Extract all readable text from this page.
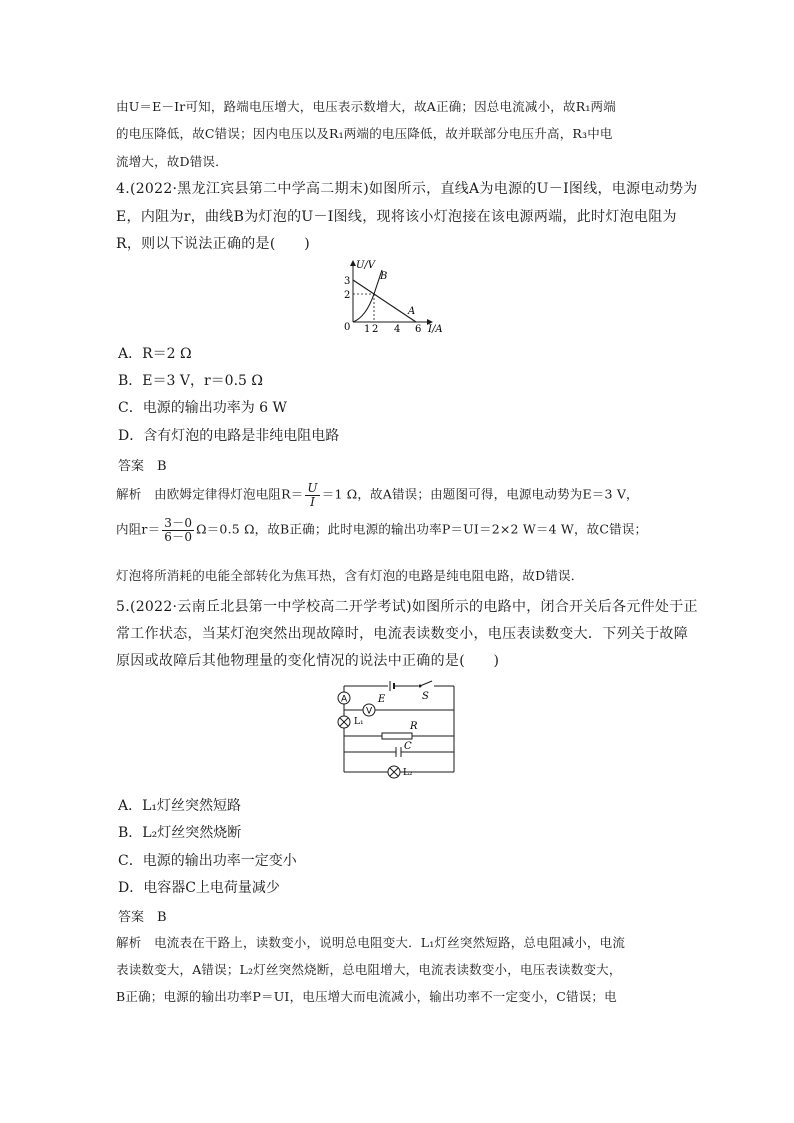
由U＝E－Ir可知，路端电压增大，电压表示数增大，故A正确；因总电流减小，故R₁两端
的电压降低，故C错误；因内电压以及R₁两端的电压降低，故并联部分电压升高，R₃中电
流增大，故D错误．
4.(2022·黑龙江宾县第二中学高二期末)如图所示，直线A为电源的U－I图线，电源电动势为
E，内阻为r，曲线B为灯泡的U－I图线，现将该小灯泡接在该电源两端，此时灯泡电阻为
R，则以下说法正确的是(　　)
U/V
I/A
0
3
2
1 2 4 6
A
B
A．R＝2 Ω
B．E＝3 V，r＝0.5 Ω
C．电源的输出功率为 6 W
D．含有灯泡的电路是非纯电阻电路
答案　 B
解析　 由欧姆定律得灯泡电阻$R= \frac{U}{I} =1$ Ω，故A错误；由题图可得，电源电动势为E＝3 V，
内阻$r= \frac{3-0}{6-0} \Omega=0.5$ Ω，故B正确；此时电源的输出功率P＝UI＝2×2 W＝4 W，故C错误；
灯泡将所消耗的电能全部转化为焦耳热，含有灯泡的电路是纯电阻电路，故D错误．
5.(2022·云南丘北县第一中学校高二开学考试)如图所示的电路中，闭合开关后各元件处于正
常工作状态，当某灯泡突然出现故障时，电流表读数变小，电压表读数变大．下列关于故障
原因或故障后其他物理量的变化情况的说法中正确的是(　　)
A
V
E	S
L₁	R
C
L₂
A．L₁灯丝突然短路
B．L₂灯丝突然烧断
C．电源的输出功率一定变小
D．电容器C上电荷量减少
答案　 B
解析　电流表在干路上，读数变小，说明总电阻变大．L₁灯丝突然短路，总电阻减小，电流
表读数变大，A错误；L₂灯丝突然烧断，总电阻增大，电流表读数变小，电压表读数变大，
B正确；电源的输出功率P＝UI，电压增大而电流减小，输出功率不一定变小，C错误；电
